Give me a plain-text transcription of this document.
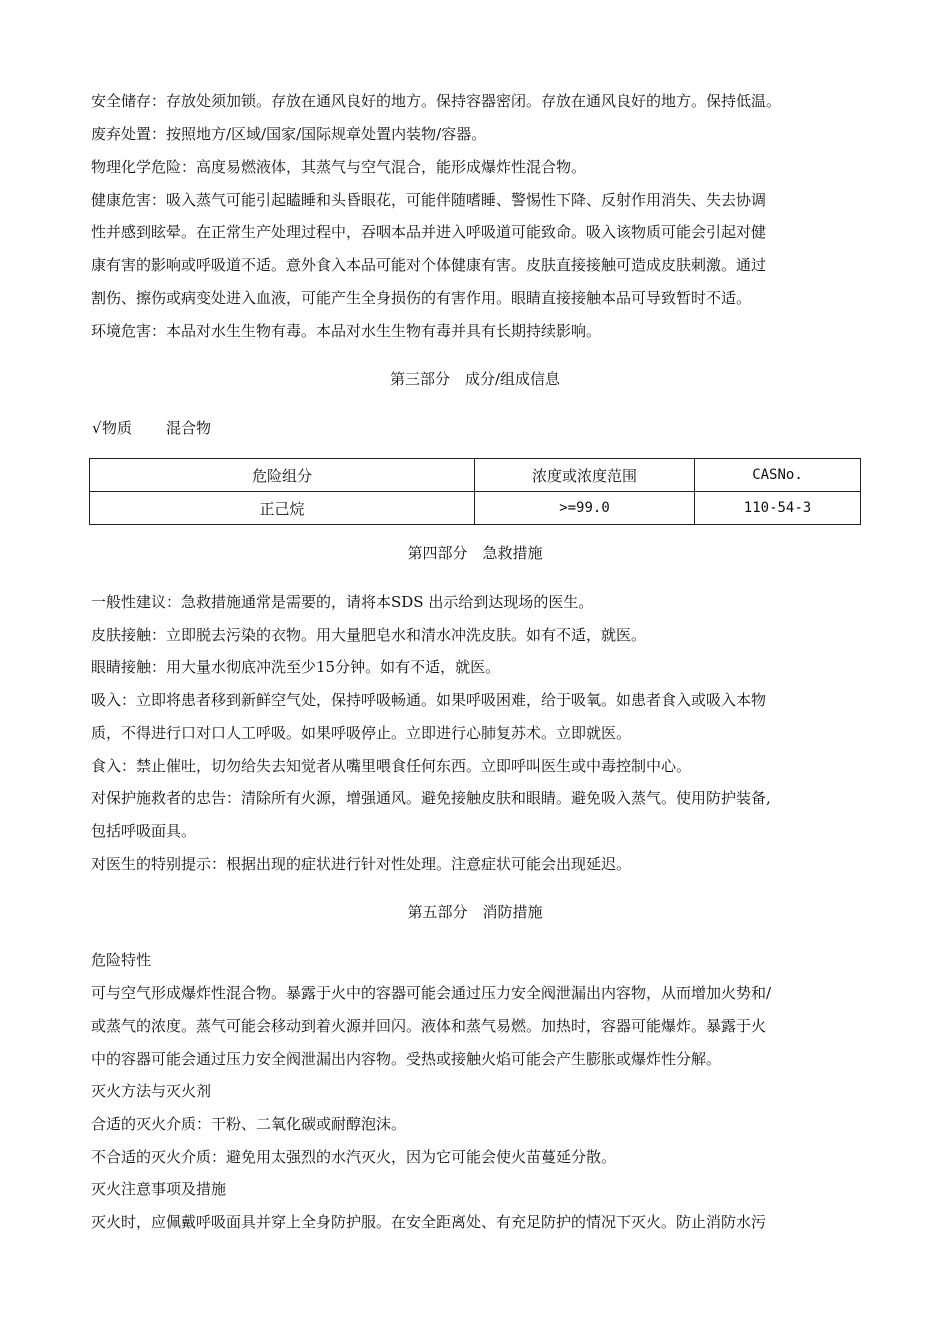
安全储存：存放处须加锁。存放在通风良好的地方。保持容器密闭。存放在通风良好的地方。保持低温。
废弃处置：按照地方/区域/国家/国际规章处置内装物/容器。
物理化学危险：高度易燃液体，其蒸气与空气混合，能形成爆炸性混合物。
健康危害：吸入蒸气可能引起瞌睡和头昏眼花，可能伴随嗜睡、警惕性下降、反射作用消失、失去协调
性并感到眩晕。在正常生产处理过程中，吞咽本品并进入呼吸道可能致命。吸入该物质可能会引起对健
康有害的影响或呼吸道不适。意外食入本品可能对个体健康有害。皮肤直接接触可造成皮肤刺激。通过
割伤、擦伤或病变处进入血液，可能产生全身损伤的有害作用。眼睛直接接触本品可导致暂时不适。
环境危害：本品对水生生物有毒。本品对水生生物有毒并具有长期持续影响。
第三部分　成分/组成信息
√物质 混合物
危险组分	浓度或浓度范围	CASNo.
正己烷	>=99.0	110-54-3
第四部分　急救措施
一般性建议：急救措施通常是需要的，请将本SDS 出示给到达现场的医生。
皮肤接触：立即脱去污染的衣物。用大量肥皂水和清水冲洗皮肤。如有不适，就医。
眼睛接触：用大量水彻底冲洗至少15分钟。如有不适，就医。
吸入：立即将患者移到新鲜空气处，保持呼吸畅通。如果呼吸困难，给于吸氧。如患者食入或吸入本物
质，不得进行口对口人工呼吸。如果呼吸停止。立即进行心肺复苏术。立即就医。
食入：禁止催吐，切勿给失去知觉者从嘴里喂食任何东西。立即呼叫医生或中毒控制中心。
对保护施救者的忠告：清除所有火源，增强通风。避免接触皮肤和眼睛。避免吸入蒸气。使用防护装备,
包括呼吸面具。
对医生的特别提示：根据出现的症状进行针对性处理。注意症状可能会出现延迟。
第五部分　消防措施
危险特性
可与空气形成爆炸性混合物。暴露于火中的容器可能会通过压力安全阀泄漏出内容物，从而增加火势和/
或蒸气的浓度。蒸气可能会移动到着火源并回闪。液体和蒸气易燃。加热时，容器可能爆炸。暴露于火
中的容器可能会通过压力安全阀泄漏出内容物。受热或接触火焰可能会产生膨胀或爆炸性分解。
灭火方法与灭火剂
合适的灭火介质：干粉、二氧化碳或耐醇泡沫。
不合适的灭火介质：避免用太强烈的水汽灭火，因为它可能会使火苗蔓延分散。
灭火注意事项及措施
灭火时，应佩戴呼吸面具并穿上全身防护服。在安全距离处、有充足防护的情况下灭火。防止消防水污
